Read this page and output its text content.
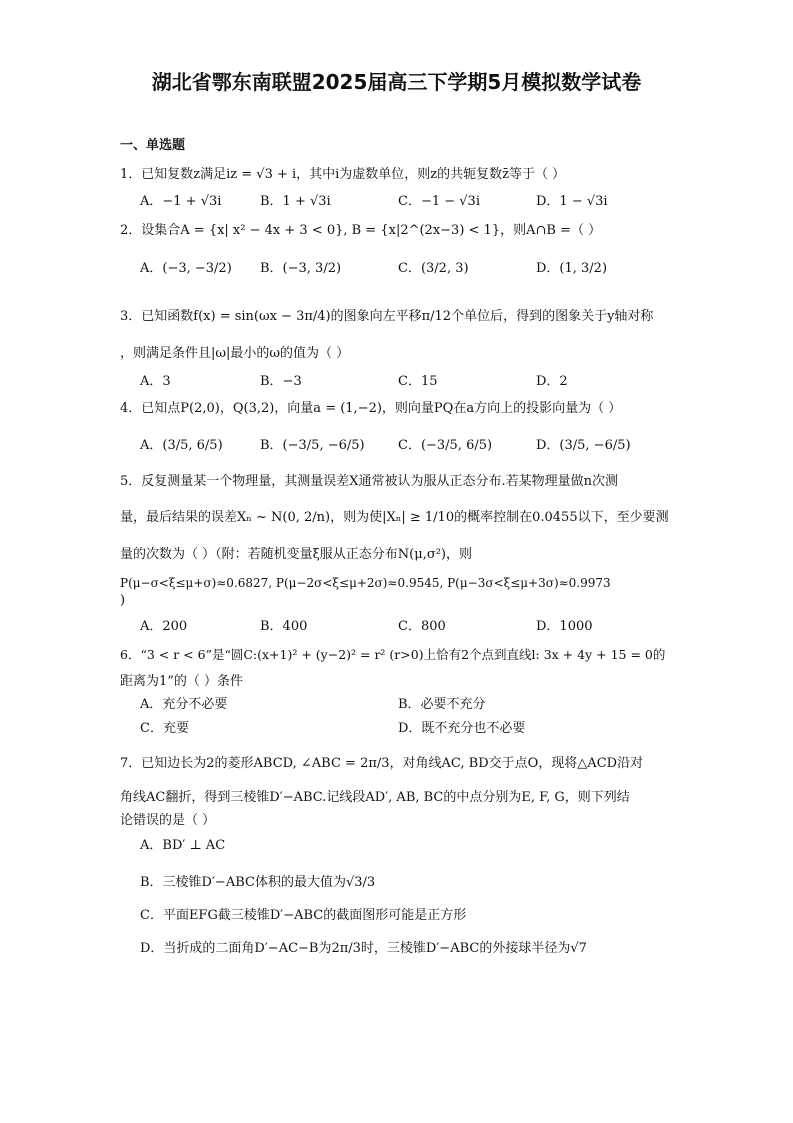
湖北省鄂东南联盟2025届高三下学期5月模拟数学试卷
一、单选题
1．已知复数z满足iz = √3 + i，其中i为虚数单位，则z的共轭复数z̄等于（ ）
A．−1 + √3i	B．1 + √3i	C．−1 − √3i	D．1 − √3i
2．设集合A = {x| x² − 4x + 3 < 0}, B = {x|2^(2x−3) < 1}，则A∩B =（ ）
A．(−3, −3/2) B．(−3, 3/2)	C．(3/2, 3)	D．(1, 3/2)
3．已知函数f(x) = sin(ωx − 3π/4)的图象向左平移π/12个单位后，得到的图象关于y轴对称
，则满足条件且|ω|最小的ω的值为（ ）
A．3	B．−3	C．15	D．2
4．已知点P(2,0)，Q(3,2)，向量a = (1,−2)，则向量PQ在a方向上的投影向量为（ ）
A．(3/5, 6/5)	B．(−3/5, −6/5)	C．(−3/5, 6/5)	D．(3/5, −6/5)
5．反复测量某一个物理量，其测量误差X通常被认为服从正态分布.若某物理量做n次测
量，最后结果的误差Xₙ ~ N(0, 2/n)，则为使|Xₙ| ≥ 1/10的概率控制在0.0455以下，至少要测
量的次数为（ ）（附：若随机变量ξ服从正态分布N(μ,σ²)，则
P(μ−σ<ξ≤μ+σ)≈0.6827, P(μ−2σ<ξ≤μ+2σ)≈0.9545, P(μ−3σ<ξ≤μ+3σ)≈0.9973
)
A．200	B．400	C．800	D．1000
6．“3 < r < 6”是“圆C:(x+1)² + (y−2)² = r² (r>0)上恰有2个点到直线l: 3x + 4y + 15 = 0的
距离为1”的（ ）条件
A．充分不必要	B．必要不充分
C．充要	D．既不充分也不必要
7．已知边长为2的菱形ABCD, ∠ABC = 2π/3，对角线AC, BD交于点O，现将△ACD沿对
角线AC翻折，得到三棱锥D′−ABC.记线段AD′, AB, BC的中点分别为E, F, G，则下列结
论错误的是（ ）
A．BD′ ⊥ AC
B．三棱锥D′−ABC体积的最大值为√3/3
C．平面EFG截三棱锥D′−ABC的截面图形可能是正方形
D．当折成的二面角D′−AC−B为2π/3时，三棱锥D′−ABC的外接球半径为√7
